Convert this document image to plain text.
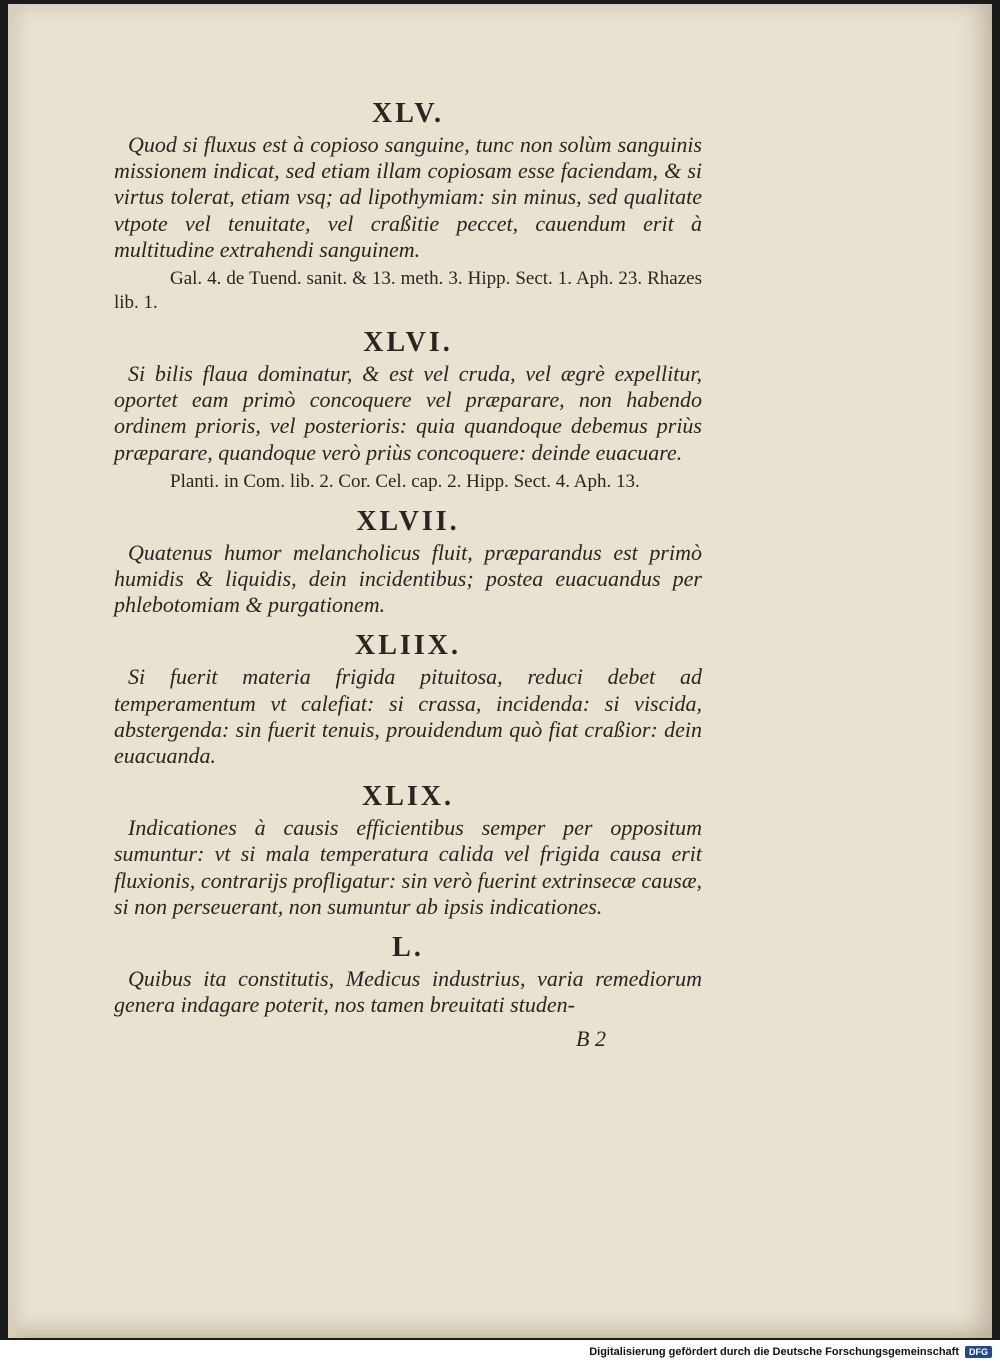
XLV.

Quod si fluxus est à copioso sanguine, tunc non solùm sanguinis missionem indicat, sed etiam illam copiosam esse faciendam, & si virtus tolerat, etiam vsq; ad lipothymiam: sin minus, sed qualitate vtpote vel tenuitate, vel craßitie peccet, cauendum erit à multitudine extrahendi sanguinem.

Gal. 4. de Tuend. sanit. & 13. meth. 3. Hipp. Sect. 1. Aph. 23. Rhazes lib. 1.

XLVI.

Si bilis flaua dominatur, & est vel cruda, vel ægrè expellitur, oportet eam primò concoquere vel præparare, non habendo ordinem prioris, vel posterioris: quia quandoque debemus priùs præparare, quandoque verò priùs concoquere: deinde euacuare.

Planti. in Com. lib. 2. Cor. Cel. cap. 2. Hipp. Sect. 4. Aph. 13.

XLVII.

Quatenus humor melancholicus fluit, præparandus est primò humidis & liquidis, dein incidentibus; postea euacuandus per phlebotomiam & purgationem.

XLIIX.

Si fuerit materia frigida pituitosa, reduci debet ad temperamentum vt calefiat: si crassa, incidenda: si viscida, abstergenda: sin fuerit tenuis, prouidendum quò fiat craßior: dein euacuanda.

XLIX.

Indicationes à causis efficientibus semper per oppositum sumuntur: vt si mala temperatura calida vel frigida causa erit fluxionis, contrarijs profligatur: sin verò fuerint extrinsecæ causæ, si non perseuerant, non sumuntur ab ipsis indicationes.

L.

Quibus ita constitutis, Medicus industrius, varia remediorum genera indagare poterit, nos tamen breuitati studen-

B 2
Digitalisierung gefördert durch die Deutsche Forschungsgemeinschaft	DFG
